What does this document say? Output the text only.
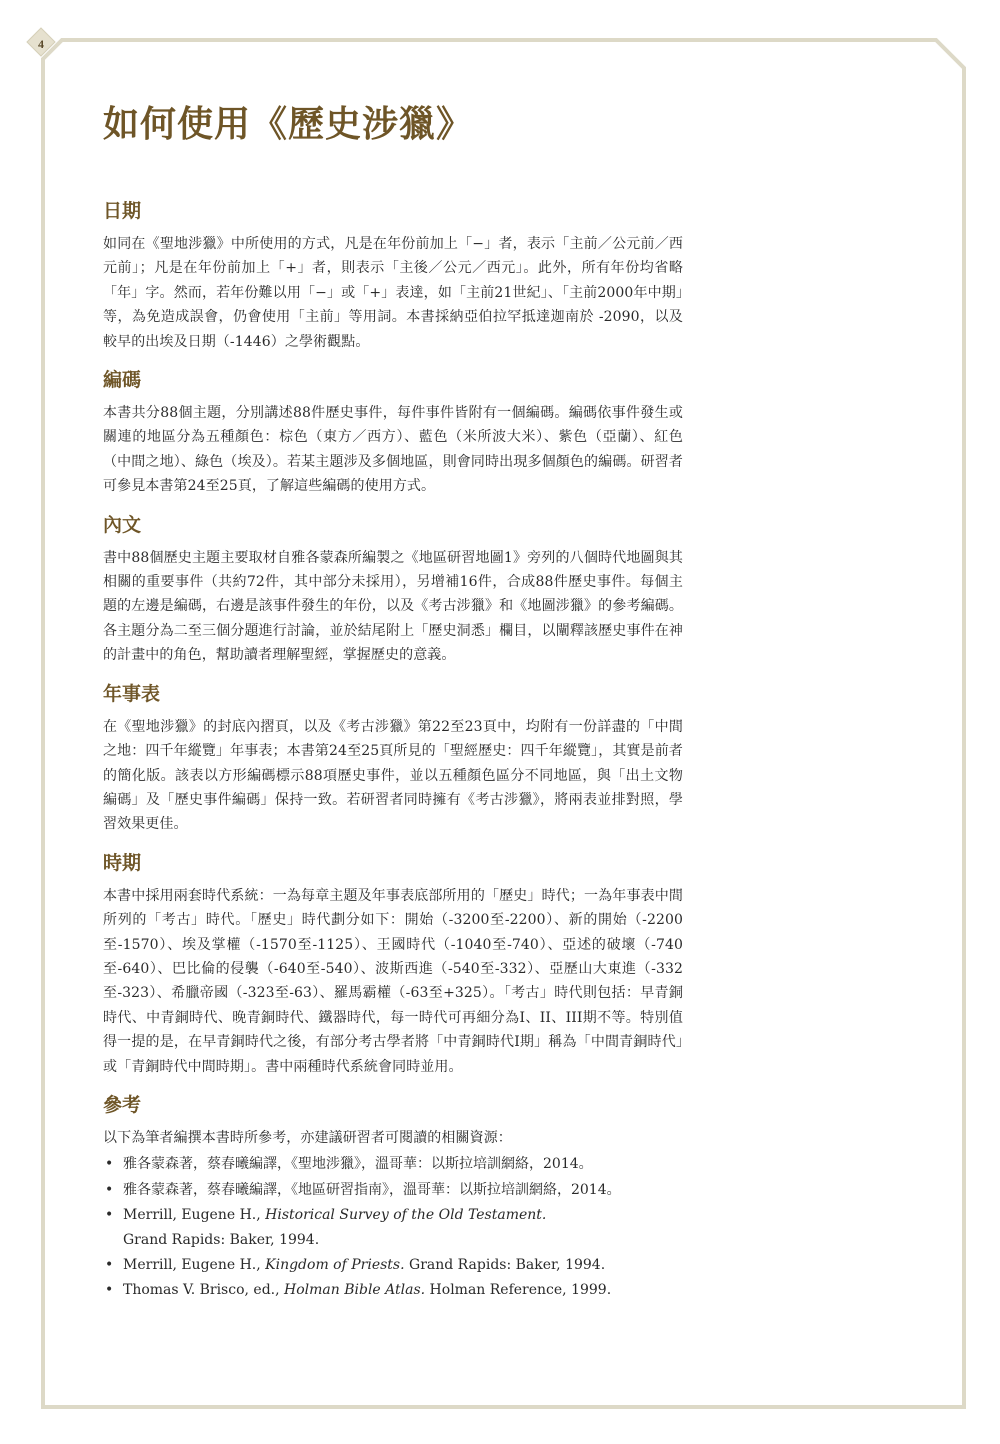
4
如何使用《歷史涉獵》
日期

如同在《聖地涉獵》中所使用的方式，凡是在年份前加上「−」者，表示「主前／公元前／西元前」；凡是在年份前加上「+」者，則表示「主後／公元／西元」。此外，所有年份均省略「年」字。然而，若年份難以用「−」或「+」表達，如「主前21世紀」、「主前2000年中期」等，為免造成誤會，仍會使用「主前」等用詞。本書採納亞伯拉罕抵達迦南於 -2090，以及較早的出埃及日期（-1446）之學術觀點。

編碼

本書共分88個主題，分別講述88件歷史事件，每件事件皆附有一個編碼。編碼依事件發生或關連的地區分為五種顏色：棕色（東方／西方）、藍色（米所波大米）、紫色（亞蘭）、紅色（中間之地）、綠色（埃及）。若某主題涉及多個地區，則會同時出現多個顏色的編碼。研習者可參見本書第24至25頁，了解這些編碼的使用方式。

內文

書中88個歷史主題主要取材自雅各蒙森所編製之《地區研習地圖1》旁列的八個時代地圖與其相關的重要事件（共約72件，其中部分未採用），另增補16件，合成88件歷史事件。每個主題的左邊是編碼，右邊是該事件發生的年份，以及《考古涉獵》和《地圖涉獵》的參考編碼。各主題分為二至三個分題進行討論，並於結尾附上「歷史洞悉」欄目，以闡釋該歷史事件在神的計畫中的角色，幫助讀者理解聖經，掌握歷史的意義。

年事表

在《聖地涉獵》的封底內摺頁，以及《考古涉獵》第22至23頁中，均附有一份詳盡的「中間之地：四千年縱覽」年事表；本書第24至25頁所見的「聖經歷史：四千年縱覽」，其實是前者的簡化版。該表以方形編碼標示88項歷史事件，並以五種顏色區分不同地區，與「出土文物編碼」及「歷史事件編碼」保持一致。若研習者同時擁有《考古涉獵》，將兩表並排對照，學習效果更佳。

時期

本書中採用兩套時代系統：一為每章主題及年事表底部所用的「歷史」時代；一為年事表中間所列的「考古」時代。「歷史」時代劃分如下：開始（-3200至-2200）、新的開始（-2200至-1570）、埃及掌權（-1570至-1125）、王國時代（-1040至-740）、亞述的破壞（-740至-640）、巴比倫的侵襲（-640至-540）、波斯西進（-540至-332）、亞歷山大東進（-332至-323）、希臘帝國（-323至-63）、羅馬霸權（-63至+325）。「考古」時代則包括：早青銅時代、中青銅時代、晚青銅時代、鐵器時代，每一時代可再細分為I、II、III期不等。特別值得一提的是，在早青銅時代之後，有部分考古學者將「中青銅時代I期」稱為「中間青銅時代」或「青銅時代中間時期」。書中兩種時代系統會同時並用。

參考

以下為筆者編撰本書時所參考，亦建議研習者可閱讀的相關資源：

• 雅各蒙森著，蔡春曦編譯，《聖地涉獵》，溫哥華：以斯拉培訓網絡，2014。
• 雅各蒙森著，蔡春曦編譯，《地區研習指南》，溫哥華：以斯拉培訓網絡，2014。
• Merrill, Eugene H., Historical Survey of the Old Testament.
Grand Rapids: Baker, 1994.
• Merrill, Eugene H., Kingdom of Priests. Grand Rapids: Baker, 1994.
• Thomas V. Brisco, ed., Holman Bible Atlas. Holman Reference, 1999.
